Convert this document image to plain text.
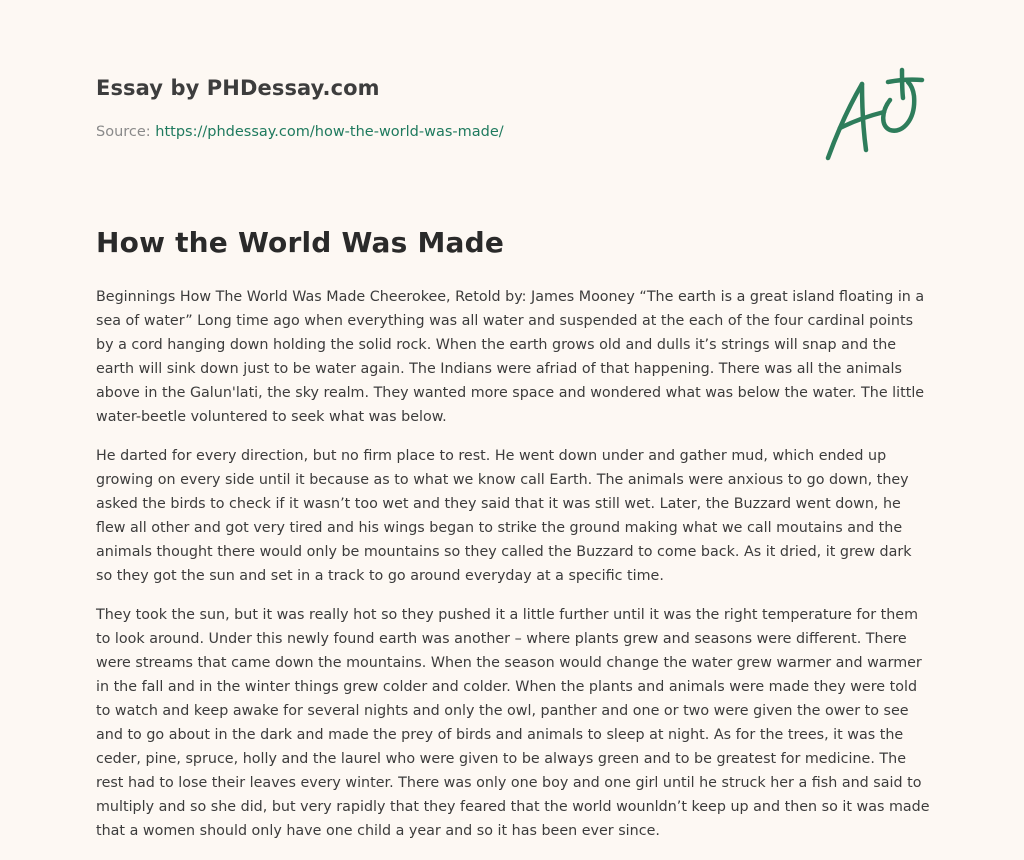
Essay by PHDessay.com
Source: https://phdessay.com/how-the-world-was-made/
How the World Was Made

Beginnings How The World Was Made Cheerokee, Retold by: James Mooney “The earth is a great island floating in a sea of water” Long time ago when everything was all water and suspended at the each of the four cardinal points by a cord hanging down holding the solid rock. When the earth grows old and dulls it’s strings will snap and the earth will sink down just to be water again. The Indians were afriad of that happening. There was all the animals above in the Galun'lati, the sky realm. They wanted more space and wondered what was below the water. The little water-beetle voluntered to seek what was below.

He darted for every direction, but no firm place to rest. He went down under and gather mud, which ended up growing on every side until it because as to what we know call Earth. The animals were anxious to go down, they asked the birds to check if it wasn’t too wet and they said that it was still wet. Later, the Buzzard went down, he flew all other and got very tired and his wings began to strike the ground making what we call moutains and the animals thought there would only be mountains so they called the Buzzard to come back. As it dried, it grew dark so they got the sun and set in a track to go around everyday at a specific time.

They took the sun, but it was really hot so they pushed it a little further until it was the right temperature for them to look around. Under this newly found earth was another – where plants grew and seasons were different. There were streams that came down the mountains. When the season would change the water grew warmer and warmer in the fall and in the winter things grew colder and colder. When the plants and animals were made they were told to watch and keep awake for several nights and only the owl, panther and one or two were given the ower to see and to go about in the dark and made the prey of birds and animals to sleep at night. As for the trees, it was the ceder, pine, spruce, holly and the laurel who were given to be always green and to be greatest for medicine. The rest had to lose their leaves every winter. There was only one boy and one girl until he struck her a fish and said to multiply and so she did, but very rapidly that they feared that the world wounldn’t keep up and then so it was made that a women should only have one child a year and so it has been ever since.
